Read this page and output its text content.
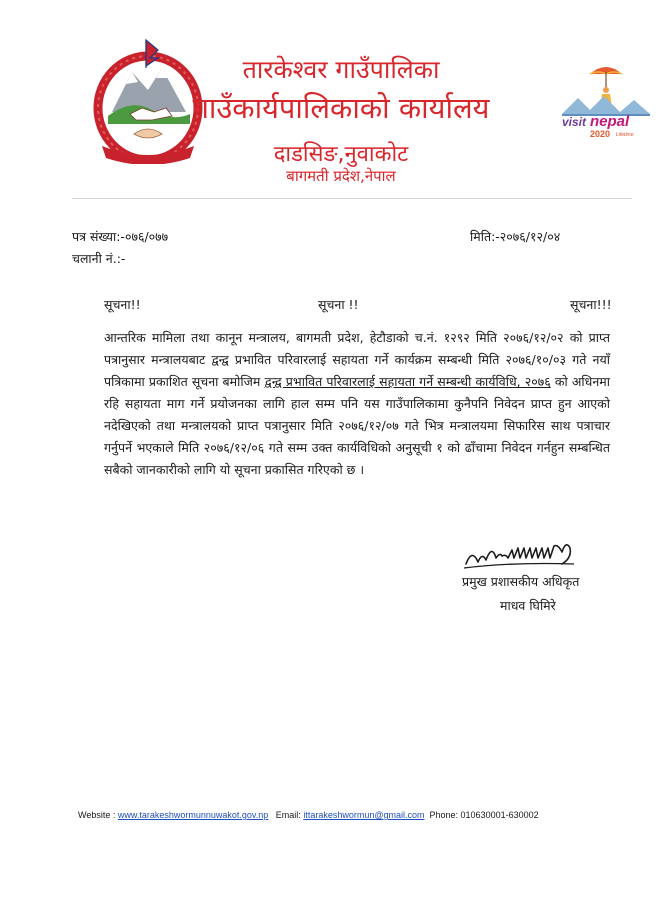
visit nepal
2020 Lifetime
तारकेश्वर गाउँपालिका
गाउँकार्यपालिकाको कार्यालय
दाडसिङ,नुवाकोट
बागमती प्रदेश,नेपाल
पत्र संख्या:-०७६/०७७
चलानी नं.:-
मिति:-२०७६/१२/०४
सूचना!!	सूचना !!	सूचना!!!

आन्तरिक मामिला तथा कानून मन्त्रालय, बागमती प्रदेश, हेटौडाको च.नं. १२९२ मिति २०७६/१२/०२ को प्राप्त पत्रानुसार मन्त्रालयबाट द्वन्द्व प्रभावित परिवारलाई सहायता गर्ने कार्यक्रम सम्बन्धी मिति २०७६/१०/०३ गते नयाँ पत्रिकामा प्रकाशित सूचना बमोजिम द्वन्द्व प्रभावित परिवारलाई सहायता गर्ने सम्बन्धी कार्यविधि, २०७६ को अधिनमा रहि सहायता माग गर्ने प्रयोजनका लागि हाल सम्म पनि यस गाउँपालिकामा कुनैपनि निवेदन प्राप्त हुन आएको नदेखिएको तथा मन्त्रालयको प्राप्त पत्रानुसार मिति २०७६/१२/०७ गते भित्र मन्त्रालयमा सिफारिस साथ पत्राचार गर्नुपर्ने भएकाले मिति २०७६/१२/०६ गते सम्म उक्त कार्यविधिको अनुसूची १ को ढाँचामा निवेदन गर्नहुन सम्बन्धित सबैको जानकारीको लागि यो सूचना प्रकासित गरिएको छ ।

प्रमुख प्रशासकीय अधिकृत
माधव घिमिरे
Website : www.tarakeshwormunnuwakot.gov.np Email: ittarakeshwormun@gmail.com Phone: 010630001-630002
